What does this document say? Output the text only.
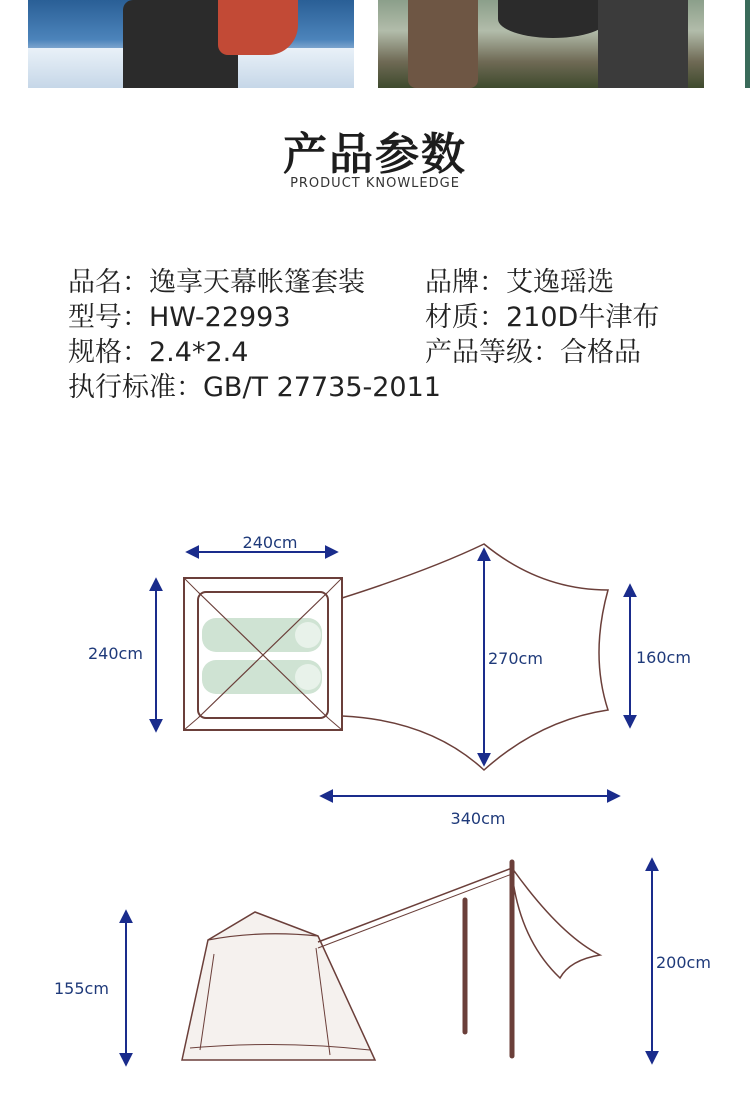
产品参数
PRODUCT KNOWLEDGE
品名：逸享天幕帐篷套装 品牌：艾逸瑶选
型号：HW-22993	材质：210D牛津布
规格：2.4*2.4	产品等级：合格品
执行标准：GB/T 27735-2011
240cm
240cm	270cm	160cm
340cm
155cm
200cm
